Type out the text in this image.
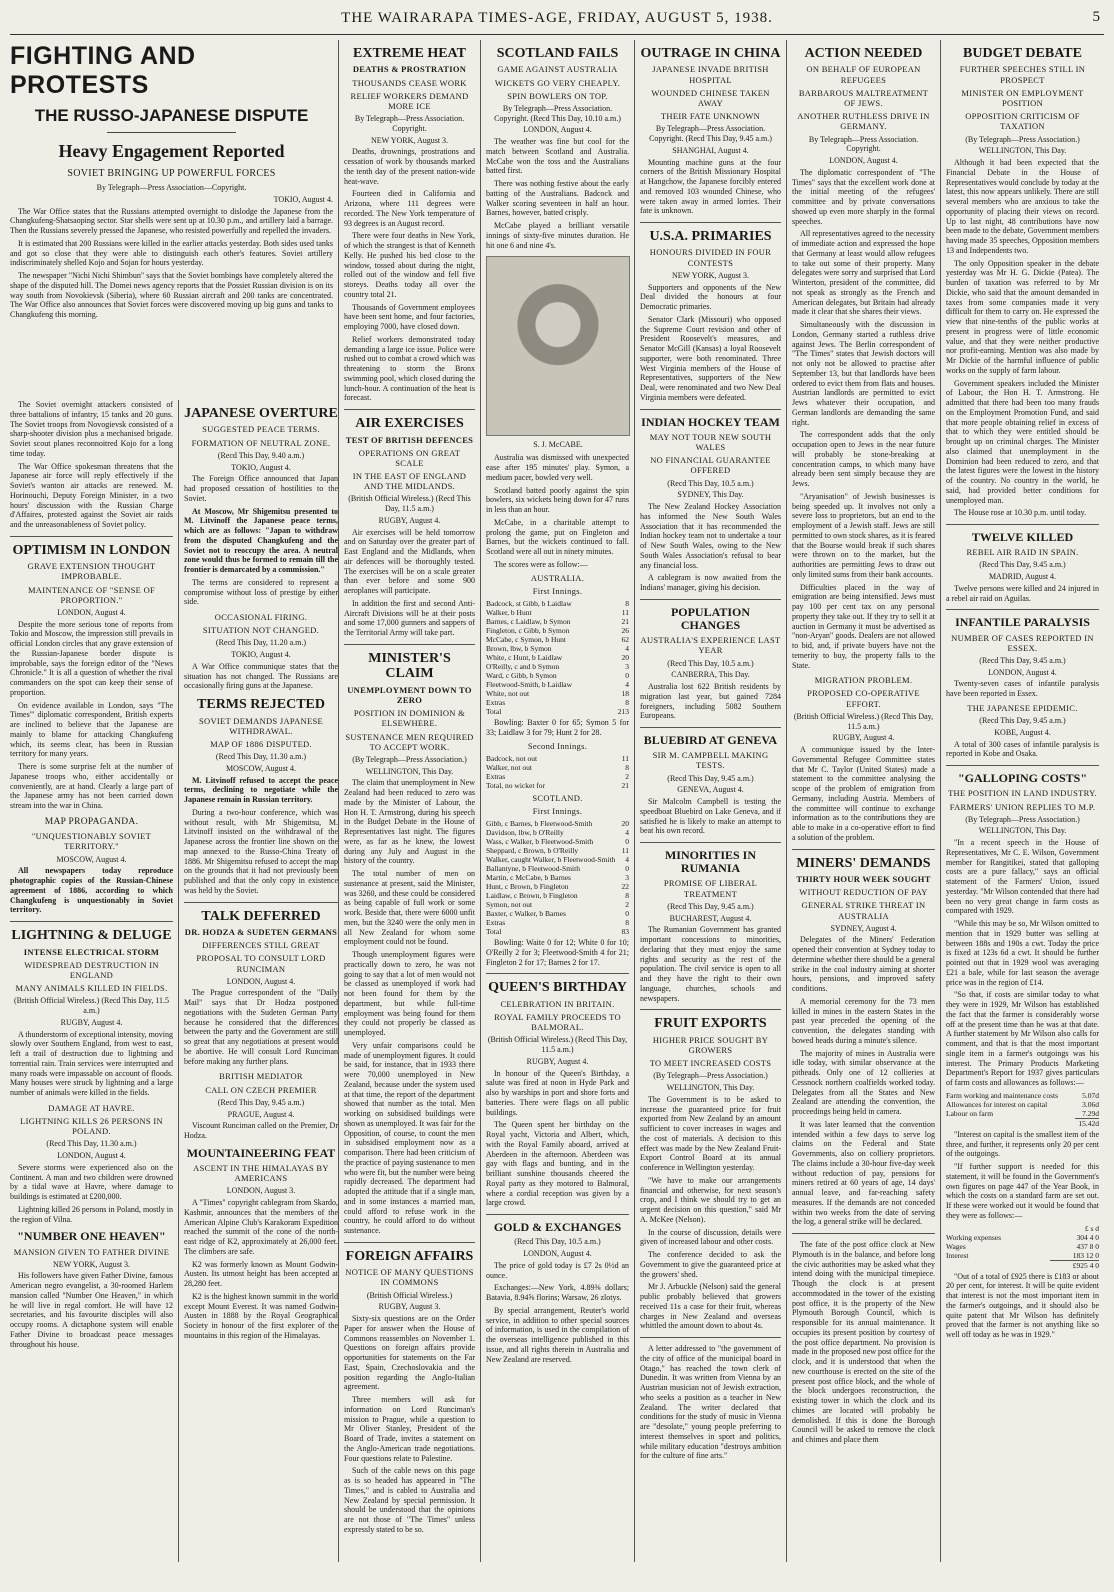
THE WAIRARAPA TIMES-AGE, FRIDAY, AUGUST 5, 1938.	5
FIGHTING AND PROTESTS
THE RUSSO-JAPANESE DISPUTE
Heavy Engagement Reported
SOVIET BRINGING UP POWERFUL FORCES

By Telegraph—Press Association—Copyright.

TOKIO, August 4.

The War Office states that the Russians attempted overnight to dislodge the Japanese from the Changkufeng-Shatsaoping sector. Star shells were sent up at 10.30 p.m., and artillery laid a barrage. Then the Russians severely pressed the Japanese, who resisted powerfully and repelled the invaders.

It is estimated that 200 Russians were killed in the earlier attacks yesterday. Both sides used tanks and got so close that they were able to distinguish each other's features. Soviet artillery indiscriminately shelled Kojo and Sojan for hours yesterday.

The newspaper "Nichi Nichi Shimbun" says that the Soviet bombings have completely altered the shape of the disputed hill. The Domei news agency reports that the Possiet Russian division is on its way south from Novokievsk (Siberia), where 60 Russian aircraft and 200 tanks are concentrated. The War Office also announces that Soviet forces were discovered moving up big guns and tanks to Changkufeng this morning.

The Soviet overnight attackers consisted of three battalions of infantry, 15 tanks and 20 guns. The Soviet troops from Novogievsk consisted of a sharp-shooter division plus a mechanised brigade. Soviet scout planes reconnoitred Kojo for a long time today.

The War Office spokesman threatens that the Japanese air force will reply effectively if the Soviet's wanton air attacks are renewed. M. Horinouchi, Deputy Foreign Minister, in a two hours' discussion with the Russian Charge d'Affaires, protested against the Soviet air raids and the unreasonableness of Soviet policy.

OPTIMISM IN LONDON
GRAVE EXTENSION THOUGHT IMPROBABLE.
MAINTENANCE OF "SENSE OF PROPORTION."

LONDON, August 4.

Despite the more serious tone of reports from Tokio and Moscow, the impression still prevails in official London circles that any grave extension of the Russian-Japanese border dispute is improbable, says the foreign editor of the "News Chronicle." It is all a question of whether the rival commanders on the spot can keep their sense of proportion.

On evidence available in London, says "The Times'" diplomatic correspondent, British experts are inclined to believe that the Japanese are mainly to blame for attacking Changkufeng which, its seems clear, has been in Russian territory for many years.

There is some surprise felt at the number of Japanese troops who, either accidentally or conveniently, are at hand. Clearly a large part of the Japanese army has not been carried down stream into the war in China.

MAP PROPAGANDA.
"UNQUESTIONABLY SOVIET TERRITORY."

MOSCOW, August 4.

All newspapers today reproduce photographic copies of the Russian-Chinese agreement of 1886, according to which Changkufeng is unquestionably in Soviet territory.

LIGHTNING & DELUGE
INTENSE ELECTRICAL STORM
WIDESPREAD DESTRUCTION IN ENGLAND
MANY ANIMALS KILLED IN FIELDS.

(British Official Wireless.) (Recd This Day, 11.5 a.m.)

RUGBY, August 4.

A thunderstorm of exceptional intensity, moving slowly over Southern England, from west to east, left a trail of destruction due to lightning and torrential rain. Train services were interrupted and many roads were impassable on account of floods. Many houses were struck by lightning and a large number of animals were killed in the fields.

DAMAGE AT HAVRE.
LIGHTNING KILLS 26 PERSONS IN POLAND.

(Recd This Day, 11.30 a.m.)

LONDON, August 4.

Severe storms were experienced also on the Continent. A man and two children were drowned by a tidal wave at Havre, where damage to buildings is estimated at £200,000.

Lightning killed 26 persons in Poland, mostly in the region of Vilna.

"NUMBER ONE HEAVEN"
MANSION GIVEN TO FATHER DIVINE

NEW YORK, August 3.

His followers have given Father Divine, famous American negro evangelist, a 30-roomed Harlem mansion called "Number One Heaven," in which he will live in regal comfort. He will have 12 secretaries, and his favourite disciples will also occupy rooms. A dictaphone system will enable Father Divine to broadcast peace messages throughout his house.

JAPANESE OVERTURE
SUGGESTED PEACE TERMS.
FORMATION OF NEUTRAL ZONE.

(Recd This Day, 9.40 a.m.)

TOKIO, August 4.

The Foreign Office announced that Japan had proposed cessation of hostilities to the Soviet.

At Moscow, Mr Shigemitsu presented to M. Litvinoff the Japanese peace terms, which are as follows: "Japan to withdraw from the disputed Changkufeng and the Soviet not to reoccupy the area. A neutral zone would thus be formed to remain till the frontier is demarcated by a commission."

The terms are considered to represent a compromise without loss of prestige by either side.

OCCASIONAL FIRING.
SITUATION NOT CHANGED.

(Recd This Day, 11.20 a.m.)

TOKIO, August 4.

A War Office communique states that the situation has not changed. The Russians are occasionally firing guns at the Japanese.

TERMS REJECTED
SOVIET DEMANDS JAPANESE WITHDRAWAL.
MAP OF 1886 DISPUTED.

(Recd This Day, 11.30 a.m.)

MOSCOW, August 4.

M. Litvinoff refused to accept the peace terms, declining to negotiate while the Japanese remain in Russian territory.

During a two-hour conference, which was without result, with Mr Shigemitsu, M. Litvinoff insisted on the withdrawal of the Japanese across the frontier line shown on the map annexed to the Russo-China Treaty of 1886. Mr Shigemitsu refused to accept the map on the grounds that it had not previously been published and that the only copy in existence was held by the Soviet.

TALK DEFERRED
DR. HODZA & SUDETEN GERMANS
DIFFERENCES STILL GREAT
PROPOSAL TO CONSULT LORD RUNCIMAN

LONDON, August 4.

The Prague correspondent of the "Daily Mail" says that Dr Hodza postponed negotiations with the Sudeten German Party because he considered that the differences between the party and the Government are still so great that any negotiations at present would be abortive. He will consult Lord Runciman before making any further plans.

BRITISH MEDIATOR
CALL ON CZECH PREMIER

(Recd This Day, 9.45 a.m.)

PRAGUE, August 4.

Viscount Runciman called on the Premier, Dr Hodza.

MOUNTAINEERING FEAT
ASCENT IN THE HIMALAYAS BY AMERICANS

LONDON, August 3.

A "Times" copyright cablegram from Skardo, Kashmir, announces that the members of the American Alpine Club's Karakoram Expedition reached the summit of the cone of the north-east ridge of K2, approximately at 26,000 feet. The climbers are safe.

K2 was formerly known as Mount Godwin-Austen. Its utmost height has been accepted at 28,280 feet.

K2 is the highest known summit in the world except Mount Everest. It was named Godwin-Austen in 1888 by the Royal Geographical Society in honour of the first explorer of the mountains in this region of the Himalayas.

EXTREME HEAT
DEATHS & PROSTRATION
THOUSANDS CEASE WORK
RELIEF WORKERS DEMAND MORE ICE

By Telegraph—Press Association. Copyright.

NEW YORK, August 3.

Deaths, drownings, prostrations and cessation of work by thousands marked the tenth day of the present nation-wide heat-wave.

Fourteen died in California and Arizona, where 111 degrees were recorded. The New York temperature of 93 degrees is an August record.

There were four deaths in New York, of which the strangest is that of Kenneth Kelly. He pushed his bed close to the window, tossed about during the night, rolled out of the window and fell five storeys. Deaths today all over the country total 21.

Thousands of Government employees have been sent home, and four factories, employing 7000, have closed down.

Relief workers demonstrated today demanding a large ice issue. Police were rushed out to combat a crowd which was threatening to storm the Bronx swimming pool, which closed during the lunch-hour. A continuation of the heat is forecast.

AIR EXERCISES
TEST OF BRITISH DEFENCES
OPERATIONS ON GREAT SCALE
IN THE EAST OF ENGLAND AND THE MIDLANDS.

(British Official Wireless.) (Recd This Day, 11.5 a.m.)

RUGBY, August 4.

Air exercises will be held tomorrow and on Saturday over the greater part of East England and the Midlands, when air defences will be thoroughly tested. The exercises will be on a scale greater than ever before and some 900 aeroplanes will participate.

In addition the first and second Anti-Aircraft Divisions will be at their posts and some 17,000 gunners and sappers of the Territorial Army will take part.

MINISTER'S CLAIM
UNEMPLOYMENT DOWN TO ZERO
POSITION IN DOMINION & ELSEWHERE.
SUSTENANCE MEN REQUIRED TO ACCEPT WORK.

(By Telegraph—Press Association.)

WELLINGTON, This Day.

The claim that unemployment in New Zealand had been reduced to zero was made by the Minister of Labour, the Hon H. T. Armstrong, during his speech in the Budget Debate in the House of Representatives last night. The figures were, as far as he knew, the lowest during any July and August in the history of the country.

The total number of men on sustenance at present, said the Minister, was 3260, and these could be considered as being capable of full work or some work. Beside that, there were 6000 unfit men, but the 3240 were the only men in all New Zealand for whom some employment could not be found.

Though unemployment figures were practically down to zero, he was not going to say that a lot of men would not be classed as unemployed if work had not been found for them by the department, but while full-time employment was being found for them they could not properly be classed as unemployed.

Very unfair comparisons could be made of unemployment figures. It could be said, for instance, that in 1933 there were 70,000 unemployed in New Zealand, because under the system used at that time, the report of the department showed that number as the total. Men working on subsidised buildings were shown as unemployed. It was fair for the Opposition, of course, to count the men in subsidised employment now as a comparison. There had been criticism of the practice of paying sustenance to men who were fit, but the number were being rapidly decreased. The department had adopted the attitude that if a single man, and in some instances a married man, could afford to refuse work in the country, he could afford to do without sustenance.

FOREIGN AFFAIRS
NOTICE OF MANY QUESTIONS IN COMMONS

(British Official Wireless.)

RUGBY, August 3.

Sixty-six questions are on the Order Paper for answer when the House of Commons reassembles on November 1. Questions on foreign affairs provide opportunities for statements on the Far East, Spain, Czechoslovakia and the position regarding the Anglo-Italian agreement.

Three members will ask for information on Lord Runciman's mission to Prague, while a question to Mr Oliver Stanley, President of the Board of Trade, invites a statement on the Anglo-American trade negotiations. Four questions relate to Palestine.

Such of the cable news on this page as is so headed has appeared in "The Times," and is cabled to Australia and New Zealand by special permission. It should be understood that the opinions are not those of "The Times" unless expressly stated to be so.

SCOTLAND FAILS
GAME AGAINST AUSTRALIA
WICKETS GO VERY CHEAPLY.
SPIN BOWLERS ON TOP.

By Telegraph—Press Association. Copyright. (Recd This Day, 10.10 a.m.)

LONDON, August 4.

The weather was fine but cool for the match between Scotland and Australia. McCabe won the toss and the Australians batted first.

There was nothing festive about the early batting of the Australians. Badcock and Walker scoring seventeen in half an hour. Barnes, however, batted crisply.

McCabe played a brilliant versatile innings of sixty-five minutes duration. He hit one 6 and nine 4's.

S. J. McCABE.

Australia was dismissed with unexpected ease after 195 minutes' play. Symon, a medium pacer, bowled very well.

Scotland batted poorly against the spin bowlers, six wickets being down for 47 runs in less than an hour.

McCabe, in a charitable attempt to prolong the game, put on Fingleton and Barnes, but the wickets continued to fall. Scotland were all out in ninety minutes.

The scores were as follow:—

AUSTRALIA.
First Innings.
Badcock, st Gibb, b Laidlaw	8
Walker, b Hunt	11
Barnes, c Laidlaw, b Symon	21
Fingleton, c Gibb, b Symon	26
McCabe, c Symon, b Hunt	62
Brown, lbw, b Symon	4
White, c Hunt, b Laidlaw	20
O'Reilly, c and b Symon	3
Ward, c Gibb, b Symon	0
Fleetwood-Smith, b Laidlaw	4
White, not out	18
Extras	8
Total	213

Bowling: Baxter 0 for 65; Symon 5 for 33; Laidlaw 3 for 79; Hunt 2 for 28.

Second Innings.
Badcock, not out	11
Walker, not out	8
Extras	2
Total, no wicket for	21
SCOTLAND.
First Innings.
Gibb, c Barnes, b Fleetwood-Smith	20
Davidson, lbw, b O'Reilly	4
Wass, c Walker, b Fleetwood-Smith	0
Sheppard, c Brown, b O'Reilly	11
Walker, caught Walker, b Fleetwood-Smith	4
Ballantyne, b Fleetwood-Smith	0
Martin, c McCabe, b Barnes	3
Hunt, c Brown, b Fingleton	22
Laidlaw, c Brown, b Fingleton	8
Symon, not out	2
Baxter, c Walker, b Barnes	0
Extras	8
Total	83

Bowling: Waite 0 for 12; White 0 for 10; O'Reilly 2 for 3; Fleetwood-Smith 4 for 21; Fingleton 2 for 17; Barnes 2 for 17.

QUEEN'S BIRTHDAY
CELEBRATION IN BRITAIN.
ROYAL FAMILY PROCEEDS TO BALMORAL.

(British Official Wireless.) (Recd This Day, 11.5 a.m.)

RUGBY, August 4.

In honour of the Queen's Birthday, a salute was fired at noon in Hyde Park and also by warships in port and shore forts and batteries. There were flags on all public buildings.

The Queen spent her birthday on the Royal yacht, Victoria and Albert, which, with the Royal Family aboard, arrived at Aberdeen in the afternoon. Aberdeen was gay with flags and bunting, and in the brilliant sunshine thousands cheered the Royal party as they motored to Balmoral, where a cordial reception was given by a large crowd.

GOLD & EXCHANGES

(Recd This Day, 10.5 a.m.)

LONDON, August 4.

The price of gold today is £7 2s 0½d an ounce.

Exchanges:—New York, 4.89⅜ dollars; Batavia, 8.94⅝ florins; Warsaw, 26 zlotys.

By special arrangement, Reuter's world service, in addition to other special sources of information, is used in the compilation of the overseas intelligence published in this issue, and all rights therein in Australia and New Zealand are reserved.

OUTRAGE IN CHINA
JAPANESE INVADE BRITISH HOSPITAL
WOUNDED CHINESE TAKEN AWAY
THEIR FATE UNKNOWN

By Telegraph—Press Association. Copyright. (Recd This Day, 9.45 a.m.)

SHANGHAI, August 4.

Mounting machine guns at the four corners of the British Missionary Hospital at Hangchow, the Japanese forcibly entered and removed 103 wounded Chinese, who were taken away in armed lorries. Their fate is unknown.

U.S.A. PRIMARIES
HONOURS DIVIDED IN FOUR CONTESTS

NEW YORK, August 3.

Supporters and opponents of the New Deal divided the honours at four Democratic primaries.

Senator Clark (Missouri) who opposed the Supreme Court revision and other of President Roosevelt's measures, and Senator McGill (Kansas) a loyal Roosevelt supporter, were both renominated. Three West Virginia members of the House of Representatives, supporters of the New Deal, were renominated and two New Deal Virginia members were defeated.

INDIAN HOCKEY TEAM
MAY NOT TOUR NEW SOUTH WALES
NO FINANCIAL GUARANTEE OFFERED

(Recd This Day, 10.5 a.m.)

SYDNEY, This Day.

The New Zealand Hockey Association has informed the New South Wales Association that it has recommended the Indian hockey team not to undertake a tour of New South Wales, owing to the New South Wales Association's refusal to bear any financial loss.

A cablegram is now awaited from the Indians' manager, giving his decision.

POPULATION CHANGES
AUSTRALIA'S EXPERIENCE LAST YEAR

(Recd This Day, 10.5 a.m.)

CANBERRA, This Day.

Australia lost 622 British residents by migration last year, but gained 7284 foreigners, including 5082 Southern Europeans.

BLUEBIRD AT GENEVA
SIR M. CAMPBELL MAKING TESTS.

(Recd This Day, 9.45 a.m.)

GENEVA, August 4.

Sir Malcolm Campbell is testing the speedboat Bluebird on Lake Geneva, and if satisfied he is likely to make an attempt to beat his own record.

MINORITIES IN RUMANIA
PROMISE OF LIBERAL TREATMENT

(Recd This Day, 9.45 a.m.)

BUCHAREST, August 4.

The Rumanian Government has granted important concessions to minorities, declaring that they must enjoy the same rights and security as the rest of the population. The civil service is open to all and they have the right to their own language, churches, schools and newspapers.

FRUIT EXPORTS
HIGHER PRICE SOUGHT BY GROWERS
TO MEET INCREASED COSTS

(By Telegraph—Press Association.)

WELLINGTON, This Day.

The Government is to be asked to increase the guaranteed price for fruit exported from New Zealand by an amount sufficient to cover increases in wages and the cost of materials. A decision to this effect was made by the New Zealand Fruit-Export Control Board at its annual conference in Wellington yesterday.

"We have to make our arrangements financial and otherwise, for next season's crop, and I think we should try to get an urgent decision on this question," said Mr A. McKee (Nelson).

In the course of discussion, details were given of increased labour and other costs.

The conference decided to ask the Government to give the guaranteed price at the growers' shed.

Mr J. Arbuckle (Nelson) said the general public probably believed that growers received 11s a case for their fruit, whereas charges in New Zealand and overseas whittled the amount down to about 4s.

A letter addressed to "the government of the city of office of the municipal board in Otago," has reached the town clerk of Dunedin. It was written from Vienna by an Austrian musician not of Jewish extraction, who seeks a position as a teacher in New Zealand. The writer declared that conditions for the study of music in Vienna are "desolate," young people preferring to interest themselves in sport and politics, while military education "destroys ambition for the culture of fine arts."

ACTION NEEDED
ON BEHALF OF EUROPEAN REFUGEES
BARBAROUS MALTREATMENT OF JEWS.
ANOTHER RUTHLESS DRIVE IN GERMANY.

By Telegraph—Press Association. Copyright.

LONDON, August 4.

The diplomatic correspondent of "The Times" says that the excellent work done at the initial meeting of the refugees' committee and by private conversations showed up even more sharply in the formal speeches.

All representatives agreed to the necessity of immediate action and expressed the hope that Germany at least would allow refugees to take out some of their property. Many delegates were sorry and surprised that Lord Winterton, president of the committee, did not speak as strongly as the French and American delegates, but Britain had already made it clear that she shares their views.

Simultaneously with the discussion in London, Germany started a ruthless drive against Jews. The Berlin correspondent of "The Times" states that Jewish doctors will not only not be allowed to practise after September 13, but that landlords have been ordered to evict them from flats and houses. Austrian landlords are permitted to evict Jews whatever their occupation, and German landlords are demanding the same right.

The correspondent adds that the only occupation open to Jews in the near future will probably be stone-breaking at concentration camps, to which many have already been sent simply because they are Jews.

"Aryanisation" of Jewish businesses is being speeded up. It involves not only a severe loss to proprietors, but an end to the employment of a Jewish staff. Jews are still permitted to own stock shares, as it is feared that the Bourse would break if such shares were thrown on to the market, but the authorities are permitting Jews to draw out only limited sums from their bank accounts.

Difficulties placed in the way of emigration are being intensified. Jews must pay 100 per cent tax on any personal property they take out. If they try to sell it at auction in Germany it must be advertised as "non-Aryan" goods. Dealers are not allowed to bid, and, if private buyers have not the temerity to buy, the property falls to the State.

MIGRATION PROBLEM.
PROPOSED CO-OPERATIVE EFFORT.

(British Official Wireless.) (Recd This Day, 11.5 a.m.)

RUGBY, August 4.

A communique issued by the Inter-Governmental Refugee Committee states that Mr C. Taylor (United States) made a statement to the committee analysing the scope of the problem of emigration from Germany, including Austria. Members of the committee will continue to exchange information as to the contributions they are able to make in a co-operative effort to find a solution of the problem.

MINERS' DEMANDS
THIRTY HOUR WEEK SOUGHT
WITHOUT REDUCTION OF PAY
GENERAL STRIKE THREAT IN AUSTRALIA

SYDNEY, August 4.

Delegates of the Miners' Federation opened their convention at Sydney today to determine whether there should be a general strike in the coal industry aiming at shorter hours, pensions, and improved safety conditions.

A memorial ceremony for the 73 men killed in mines in the eastern States in the past year preceded the opening of the convention, the delegates standing with bowed heads during a minute's silence.

The majority of mines in Australia were idle today, with similar observance at the pitheads. Only one of 12 collieries at Cessnock northern coalfields worked today. Delegates from all the States and New Zealand are attending the convention, the proceedings being held in camera.

It was later learned that the convention intended within a few days to serve log claims on the Federal and State Governments, also on colliery proprietors. The claims include a 30-hour five-day week without reduction of pay, pensions for miners retired at 60 years of age, 14 days' annual leave, and far-reaching safety measures. If the demands are not conceded within two weeks from the date of serving the log, a general strike will be declared.

The fate of the post office clock at New Plymouth is in the balance, and before long the civic authorities may be asked what they intend doing with the municipal timepiece. Though the clock is at present accommodated in the tower of the existing post office, it is the property of the New Plymouth Borough Council, which is responsible for its annual maintenance. It occupies its present position by courtesy of the post office department. No provision is made in the proposed new post office for the clock, and it is understood that when the new courthouse is erected on the site of the present post office block, and the whole of the block undergoes reconstruction, the existing tower in which the clock and its chimes are located will probably be demolished. If this is done the Borough Council will be asked to remove the clock and chimes and place them

BUDGET DEBATE
FURTHER SPEECHES STILL IN PROSPECT
MINISTER ON EMPLOYMENT POSITION
OPPOSITION CRITICISM OF TAXATION

(By Telegraph—Press Association.)

WELLINGTON, This Day.

Although it had been expected that the Financial Debate in the House of Representatives would conclude by today at the latest, this now appears unlikely. There are still several members who are anxious to take the opportunity of placing their views on record. Up to last night, 48 contributions have now been made to the debate, Government members having made 35 speeches, Opposition members 13 and Independents two.

The only Opposition speaker in the debate yesterday was Mr H. G. Dickie (Patea). The burden of taxation was referred to by Mr Dickie, who said that the amount demanded in taxes from some companies made it very difficult for them to carry on. He expressed the view that nine-tenths of the public works at present in progress were of little economic value, and that they were neither productive nor profit-earning. Mention was also made by Mr Dickie of the harmful influence of public works on the supply of farm labour.

Government speakers included the Minister of Labour, the Hon H. T. Armstrong. He admitted that there had been too many frauds on the Employment Promotion Fund, and said that more people obtaining relief in excess of that to which they were entitled should be brought up on criminal charges. The Minister also claimed that unemployment in the Dominion had been reduced to zero, and that the latest figures were the lowest in the history of the country. No country in the world, he said, had provided better conditions for unemployed man.

The House rose at 10.30 p.m. until today.

TWELVE KILLED
REBEL AIR RAID IN SPAIN.

(Recd This Day, 9.45 a.m.)

MADRID, August 4.

Twelve persons were killed and 24 injured in a rebel air raid on Aguilas.

INFANTILE PARALYSIS
NUMBER OF CASES REPORTED IN ESSEX.

(Recd This Day, 9.45 a.m.)

LONDON, August 4.

Twenty-seven cases of infantile paralysis have been reported in Essex.

THE JAPANESE EPIDEMIC.

(Recd This Day, 9.45 a.m.)

KOBE, August 4.

A total of 300 cases of infantile paralysis is reported in Kobe and Osaka.

"GALLOPING COSTS"
THE POSITION IN LAND INDUSTRY.
FARMERS' UNION REPLIES TO M.P.

(By Telegraph—Press Association.)

WELLINGTON, This Day.

"In a recent speech in the House of Representatives, Mr C. E. Wilson, Government member for Rangitikei, stated that galloping costs are a pure fallacy," says an official statement of the Farmers' Union, issued yesterday. "Mr Wilson contended that there had been no very great change in farm costs as compared with 1929.

"While this may be so, Mr Wilson omitted to mention that in 1929 butter was selling at between 188s and 190s a cwt. Today the price is fixed at 123s 6d a cwt. It should be further pointed out that in 1929 wool was averaging £21 a bale, while for last season the average price was in the region of £14.

"So that, if costs are similar today to what they were in 1929, Mr Wilson has established the fact that the farmer is considerably worse off at the present time than he was at that date. A further statement by Mr Wilson also calls for comment, and that is that the most important single item in a farmer's outgoings was his interest. The Primary Products Marketing Department's Report for 1937 gives particulars of farm costs and allowances as follows:—

Farm working and maintenance costs	5.07d
Allowances for interest on capital	3.06d
Labour on farm	7.29d
	15.42d

"Interest on capital is the smallest item of the three, and further, it represents only 20 per cent of the outgoings.

"If further support is needed for this statement, it will be found in the Government's own figures on page 447 of the Year Book, in which the costs on a standard farm are set out. If these were worked out it would be found that they were as follows:—

	£ s d
Working expenses	304 4 0
Wages	437 8 0
Interest	183 12 0
	£925 4 0

"Out of a total of £925 there is £183 or about 20 per cent, for interest. It will be quite evident that interest is not the most important item in the farmer's outgoings, and it should also be quite patent that Mr Wilson has definitely proved that the farmer is not anything like so well off today as he was in 1929."
